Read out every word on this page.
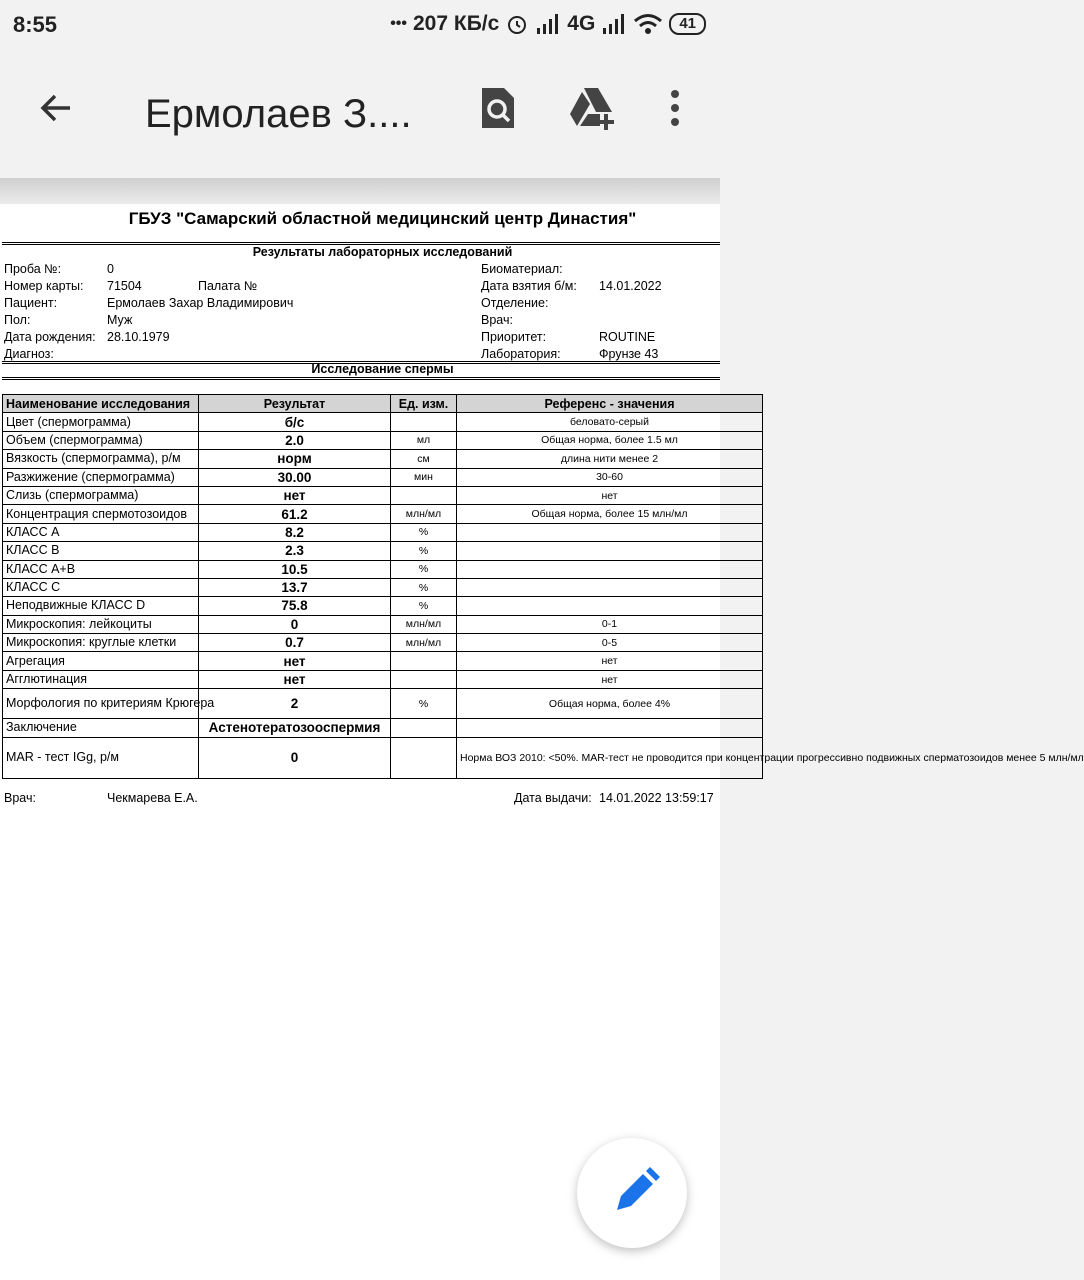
8:55	••• 207 КБ/с	4G	41
Ермолаев З....
ГБУЗ "Самарский областной медицинский центр Династия"
Результаты лабораторных исследований
Проба №:	0
Номер карты: 71504	Палата №
Пациент:	Ермолаев Захар Владимирович
Пол:	Муж
Дата рождения: 28.10.1979
Диагноз:
Биоматериал:
Дата взятия б/м: 14.01.2022
Отделение:
Врач:
Приоритет:	ROUTINE
Лаборатория:	Фрунзе 43
Исследование спермы
Наименование исследования	Результат	Ед. изм.	Референс - значения
Цвет (спермограмма)	б/с		беловато-серый
Объем (спермограмма)	2.0	мл	Общая норма, более 1.5 мл
Вязкость (спермограмма), р/м	норм	см	длина нити менее 2
Разжижение (спермограмма)	30.00	мин	30-60
Слизь (спермограмма)	нет		нет
Концентрация спермотозоидов	61.2	млн/мл	Общая норма, более 15 млн/мл
КЛАСС А	8.2	%	
КЛАСС В	2.3	%	
КЛАСС А+В	10.5	%	
КЛАСС С	13.7	%	
Неподвижные КЛАСС D	75.8	%	
Микроскопия: лейкоциты	0	млн/мл	0-1
Микроскопия: круглые клетки	0.7	млн/мл	0-5
Агрегация	нет		нет
Агглютинация	нет		нет
Морфология по критериям Крюгера	2	%	Общая норма, более 4%
Заключение	Астенотератозооспермия		
MAR - тест IGg, р/м	0		Норма ВОЗ 2010: <50%. MAR-тест не проводится при концентрации прогрессивно подвижных сперматозоидов менее 5 млн/мл
Врач:	Чекмарева Е.А.	Дата выдачи: 14.01.2022 13:59:17
